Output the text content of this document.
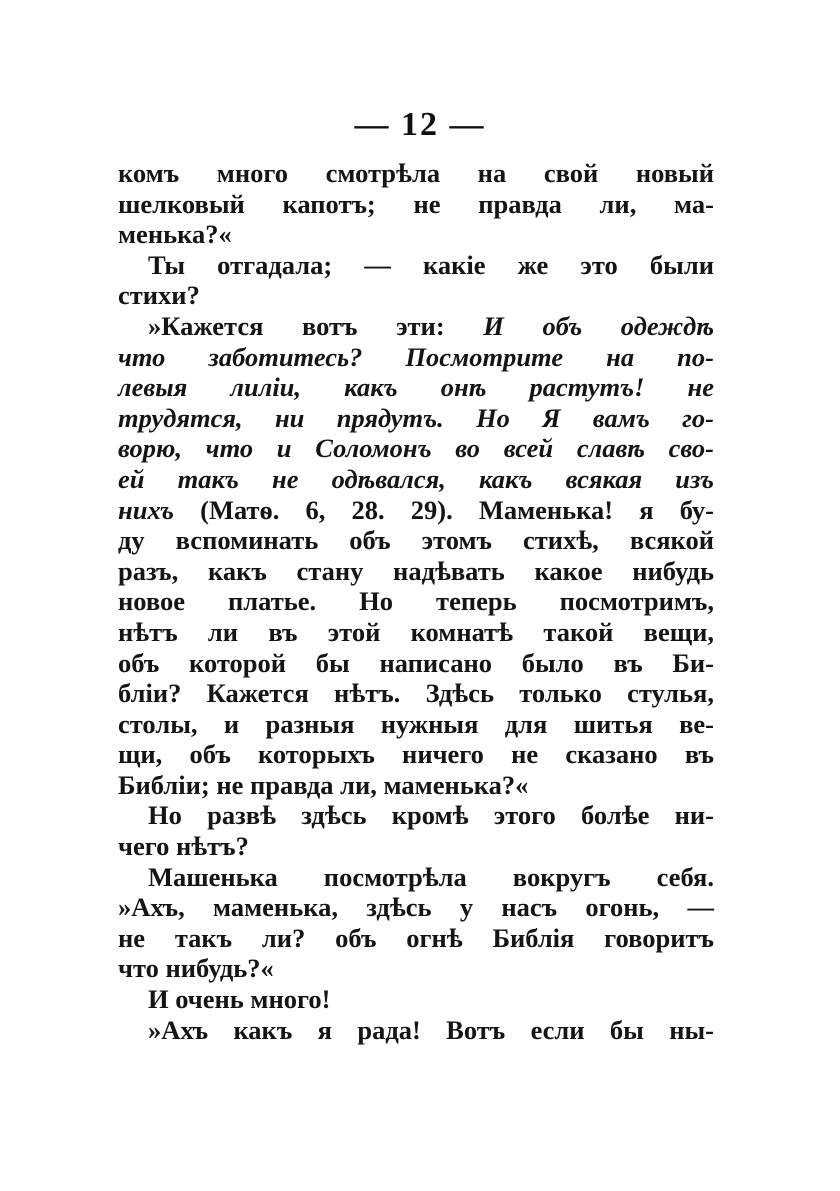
— 12 —
комъ много смотрѣла на свой новый
шелковый капотъ; не правда ли, ма-
менька?«
Ты отгадала; — какіе же это были
стихи?
»Кажется вотъ эти: И объ одеждѣ
что заботитесь? Посмотрите на по-
левыя лиліи, какъ онѣ растутъ! не
трудятся, ни прядутъ. Но Я вамъ го-
ворю, что и Соломонъ во всей славѣ сво-
ей такъ не одѣвался, какъ всякая изъ
нихъ (Матѳ. 6, 28. 29). Маменька! я бу-
ду вспоминать объ этомъ стихѣ, всякой
разъ, какъ стану надѣвать какое нибудь
новое платье. Но теперь посмотримъ,
нѣтъ ли въ этой комнатѣ такой вещи,
объ которой бы написано было въ Би-
бліи? Кажется нѣтъ. Здѣсь только стулья,
столы, и разныя нужныя для шитья ве-
щи, объ которыхъ ничего не сказано въ
Библіи; не правда ли, маменька?«
Но развѣ здѣсь кромѣ этого болѣе ни-
чего нѣтъ?
Машенька посмотрѣла вокругъ себя.
»Ахъ, маменька, здѣсь у насъ огонь, —
не такъ ли? объ огнѣ Библія говоритъ
что нибудь?«
И очень много!
»Ахъ какъ я рада! Вотъ если бы ны-
